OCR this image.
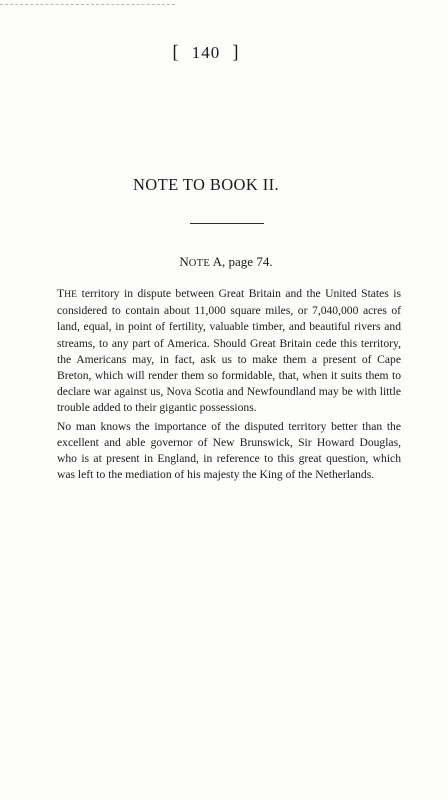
[ 140 ]
NOTE TO BOOK II.
NOTE A, page 74.

THE territory in dispute between Great Britain and the United States is considered to contain about 11,000 square miles, or 7,040,000 acres of land, equal, in point of fertility, valuable timber, and beautiful rivers and streams, to any part of America. Should Great Britain cede this territory, the Americans may, in fact, ask us to make them a present of Cape Breton, which will render them so formidable, that, when it suits them to declare war against us, Nova Scotia and Newfoundland may be with little trouble added to their gigantic possessions.

No man knows the importance of the disputed territory better than the excellent and able governor of New Brunswick, Sir Howard Douglas, who is at present in England, in reference to this great question, which was left to the mediation of his majesty the King of the Netherlands.
